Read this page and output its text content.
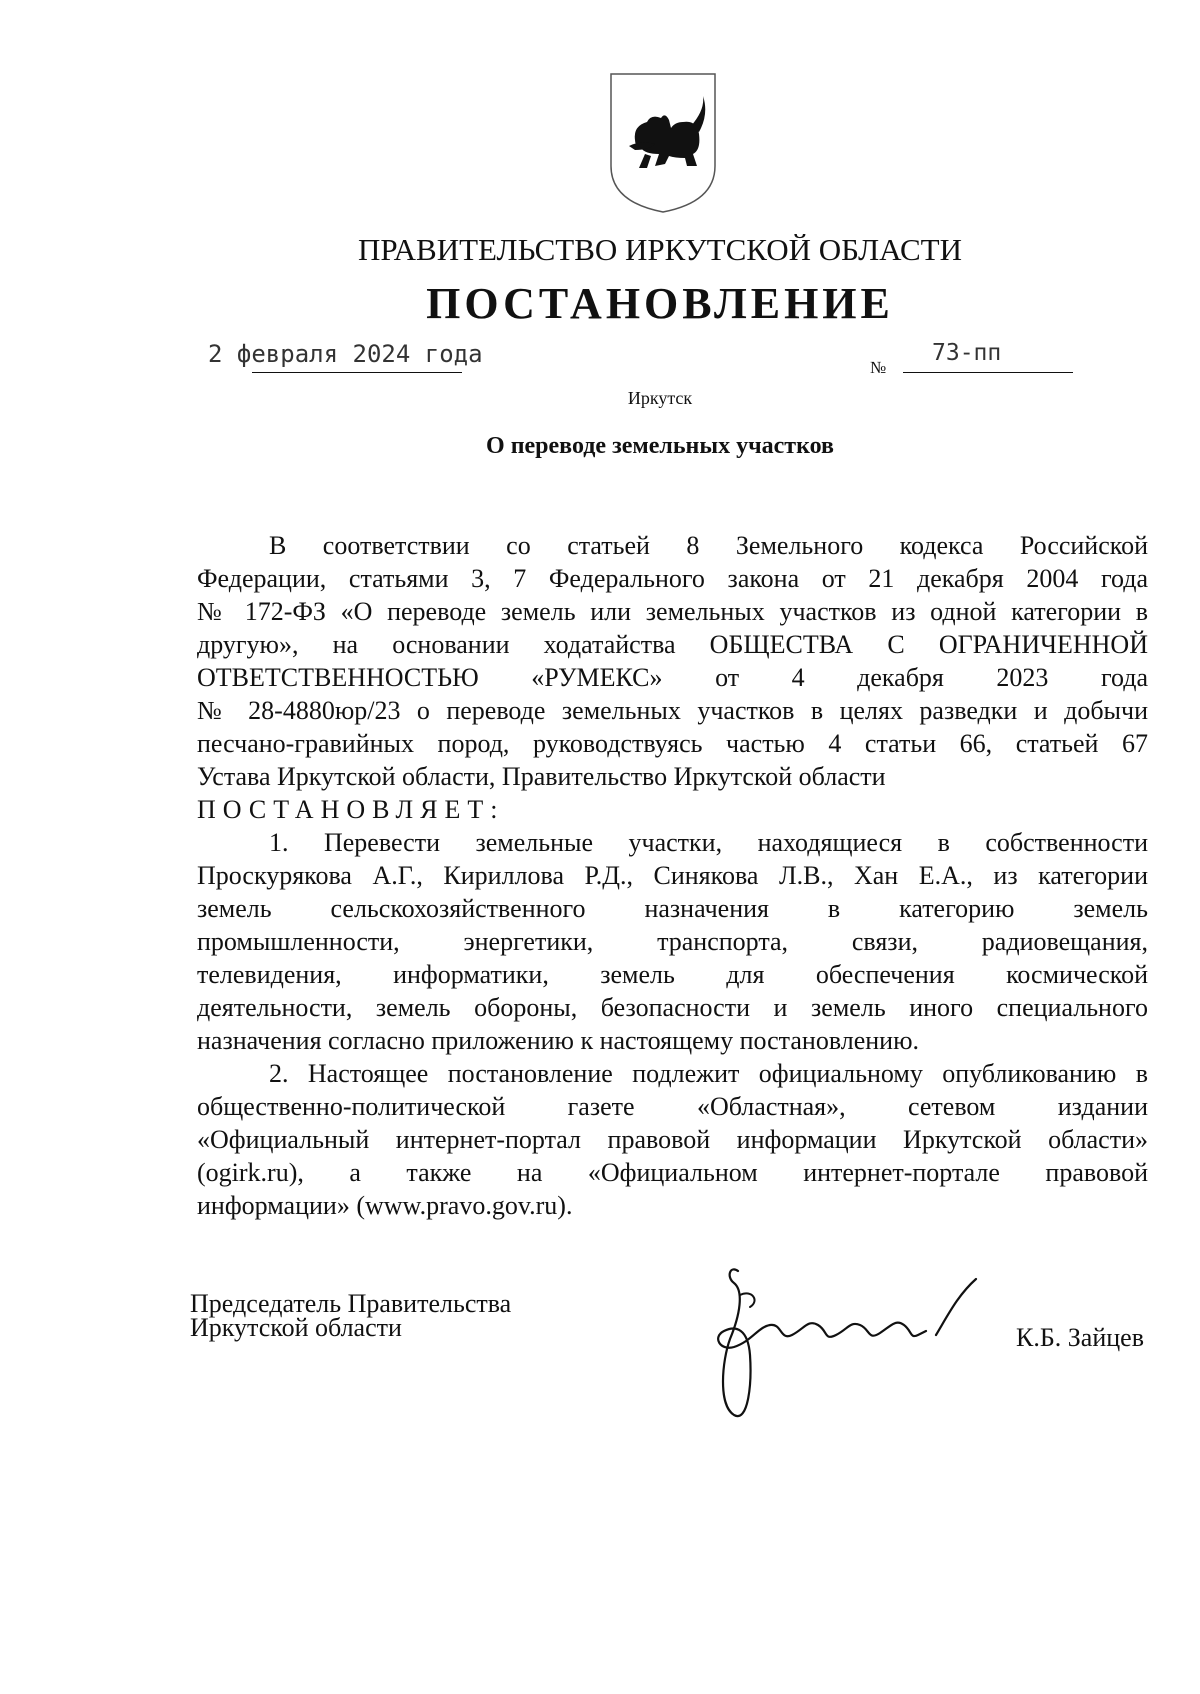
ПРАВИТЕЛЬСТВО ИРКУТСКОЙ ОБЛАСТИ
ПОСТАНОВЛЕНИЕ
2 февраля 2024 года	№
73-пп
Иркутск
О переводе земельных участков
В соответствии со статьей 8 Земельного кодекса Российской
Федерации, статьями 3, 7 Федерального закона от 21 декабря 2004 года
№ 172-ФЗ «О переводе земель или земельных участков из одной категории в
другую», на основании ходатайства ОБЩЕСТВА С ОГРАНИЧЕННОЙ
ОТВЕТСТВЕННОСТЬЮ «РУМЕКС» от 4 декабря 2023 года
№ 28-4880юр/23 о переводе земельных участков в целях разведки и добычи
песчано-гравийных пород, руководствуясь частью 4 статьи 66, статьей 67
Устава Иркутской области, Правительство Иркутской области
ПОСТАНОВЛЯЕТ:
1. Перевести земельные участки, находящиеся в собственности
Проскурякова А.Г., Кириллова Р.Д., Синякова Л.В., Хан Е.А., из категории
земель сельскохозяйственного назначения в категорию земель
промышленности, энергетики, транспорта, связи, радиовещания,
телевидения, информатики, земель для обеспечения космической
деятельности, земель обороны, безопасности и земель иного специального
назначения согласно приложению к настоящему постановлению.
2. Настоящее постановление подлежит официальному опубликованию в
общественно-политической газете «Областная», сетевом издании
«Официальный интернет-портал правовой информации Иркутской области»
(ogirk.ru), а также на «Официальном интернет-портале правовой
информации» (www.pravo.gov.ru).
Председатель Правительства
Иркутской области	К.Б. Зайцев
